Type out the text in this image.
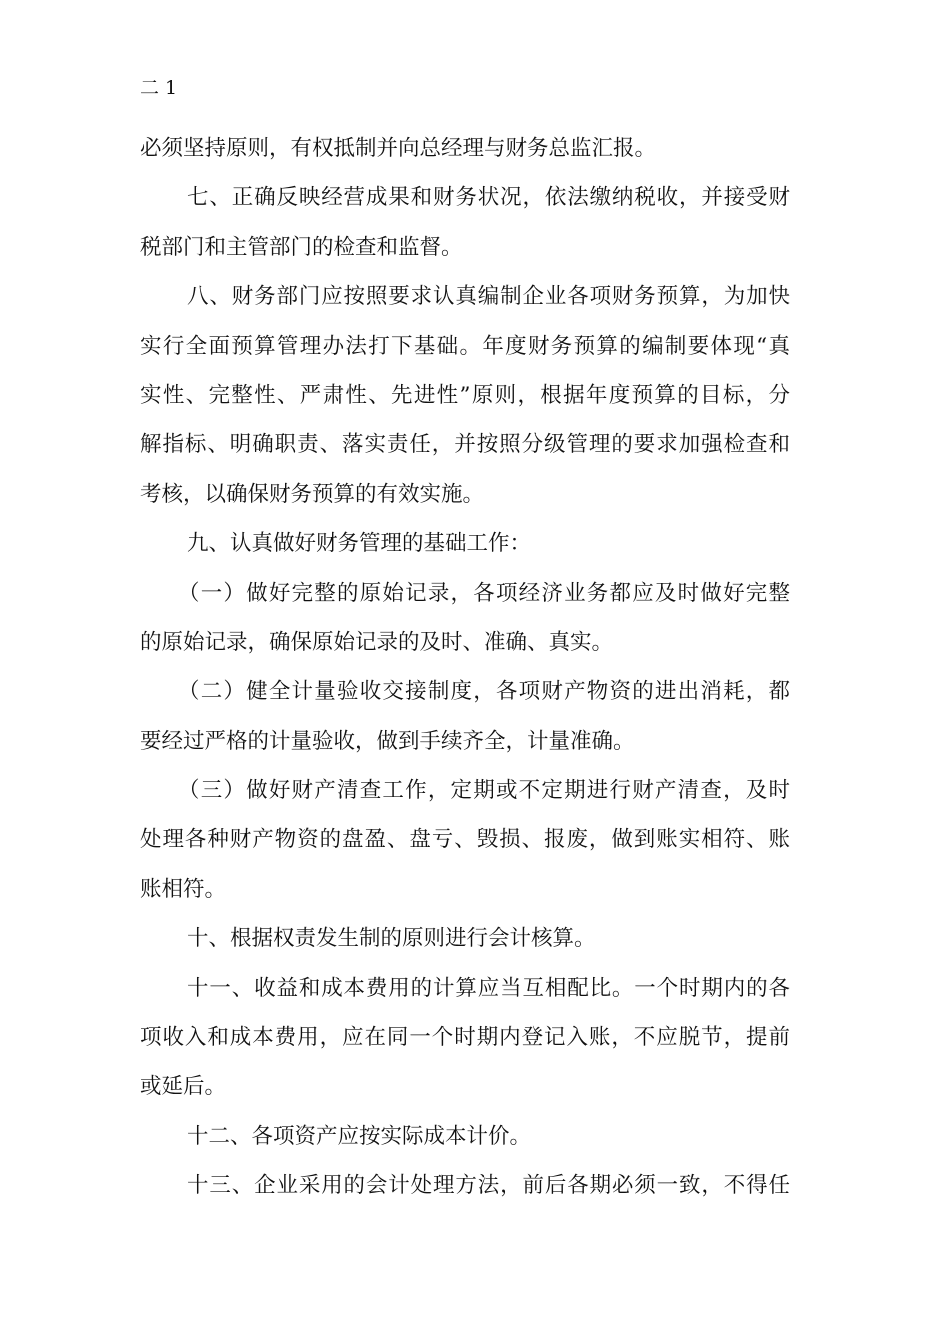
二 1
必须坚持原则，有权抵制并向总经理与财务总监汇报。
七、正确反映经营成果和财务状况，依法缴纳税收，并接受财
税部门和主管部门的检查和监督。
八、财务部门应按照要求认真编制企业各项财务预算，为加快
实行全面预算管理办法打下基础。年度财务预算的编制要体现“真
实性、完整性、严肃性、先进性”原则，根据年度预算的目标，分
解指标、明确职责、落实责任，并按照分级管理的要求加强检查和
考核，以确保财务预算的有效实施。
九、认真做好财务管理的基础工作：
（一）做好完整的原始记录，各项经济业务都应及时做好完整
的原始记录，确保原始记录的及时、准确、真实。
（二）健全计量验收交接制度，各项财产物资的进出消耗，都
要经过严格的计量验收，做到手续齐全，计量准确。
（三）做好财产清查工作，定期或不定期进行财产清查，及时
处理各种财产物资的盘盈、盘亏、毁损、报废，做到账实相符、账
账相符。
十、根据权责发生制的原则进行会计核算。
十一、收益和成本费用的计算应当互相配比。一个时期内的各
项收入和成本费用，应在同一个时期内登记入账，不应脱节，提前
或延后。
十二、各项资产应按实际成本计价。
十三、企业采用的会计处理方法，前后各期必须一致，不得任
